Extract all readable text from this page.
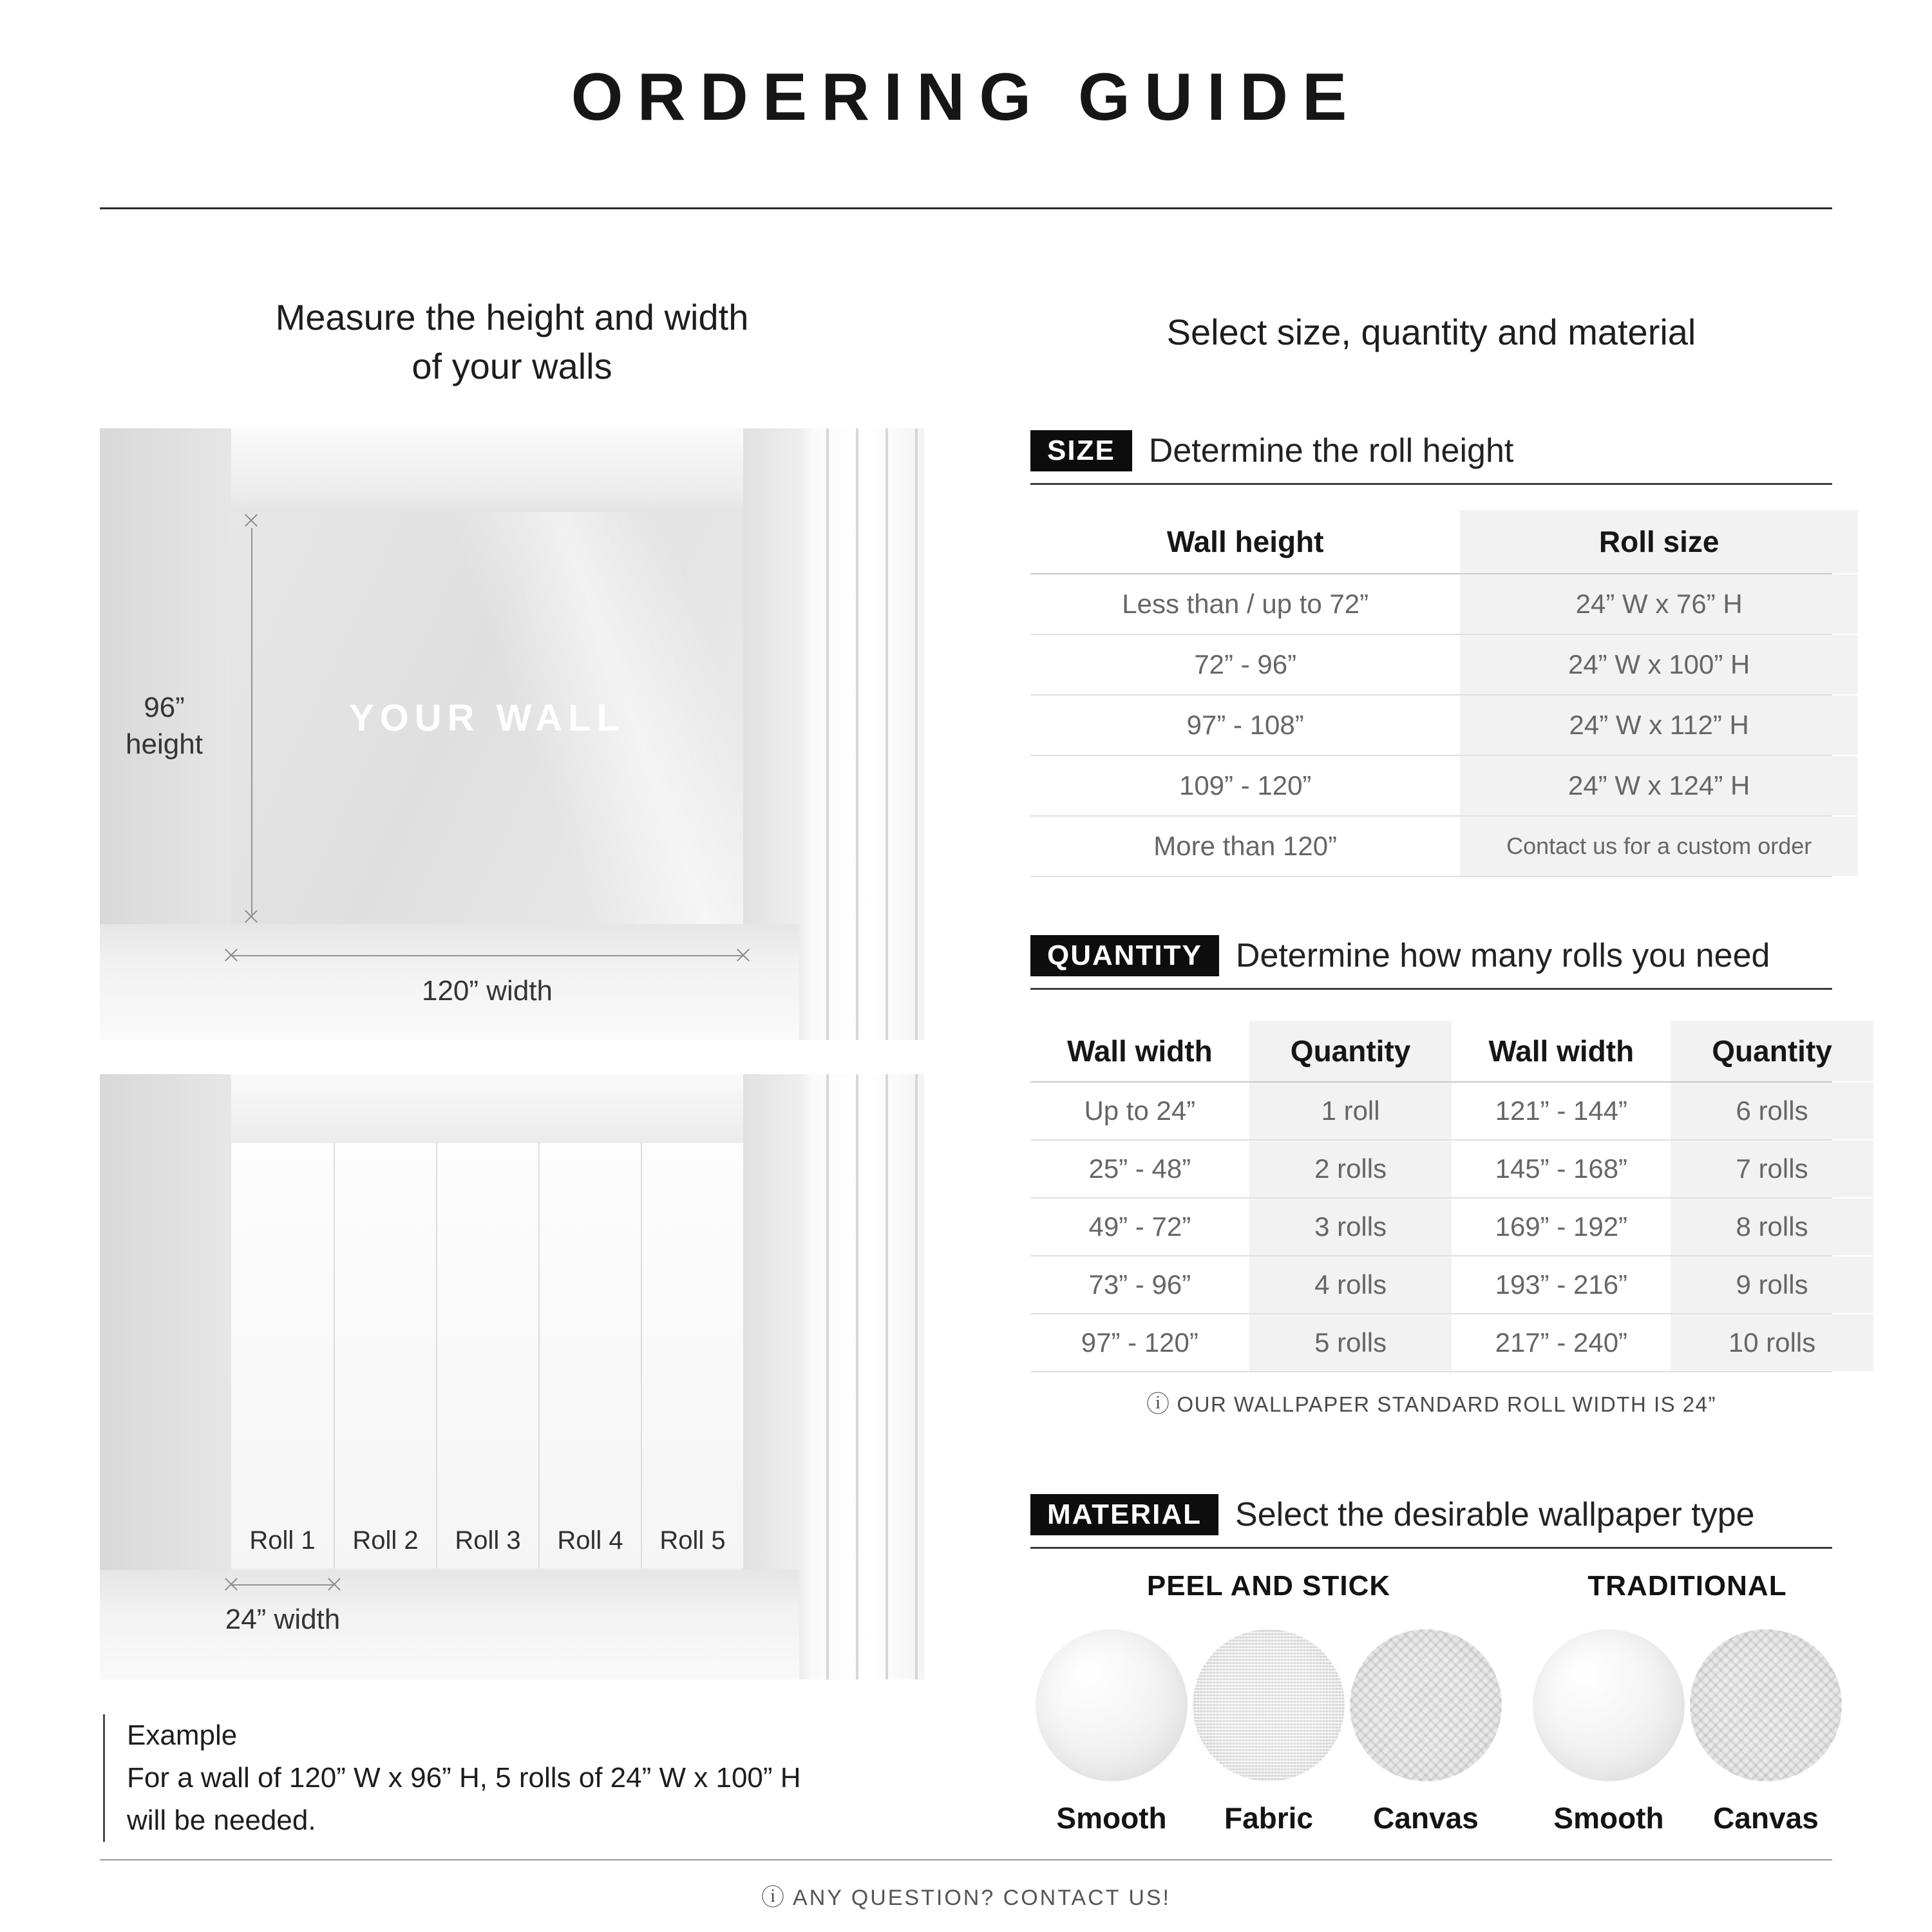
ORDERING GUIDE
Measure the height and width
of your walls
Select size, quantity and material
YOUR WALL
96”
height
120” width
Roll 1	Roll 2	Roll 3	Roll 4	Roll 5
24” width
Example
For a wall of 120” W x 96” H, 5 rolls of 24” W x 100” H
will be needed.
SIZE	Determine the roll height
Wall height	Roll size
Less than / up to 72”	24” W x 76” H
72” - 96”	24” W x 100” H
97” - 108”	24” W x 112” H
109” - 120”	24” W x 124” H
More than 120”	Contact us for a custom order
QUANTITY	Determine how many rolls you need
Wall width	Quantity	Wall width	Quantity
Up to 24”	1 roll	121” - 144”	6 rolls
25” - 48”	2 rolls	145” - 168”	7 rolls
49” - 72”	3 rolls	169” - 192”	8 rolls
73” - 96”	4 rolls	193” - 216”	9 rolls
97” - 120”	5 rolls	217” - 240”	10 rolls
ⓘ OUR WALLPAPER STANDARD ROLL WIDTH IS 24”
MATERIAL	Select the desirable wallpaper type
PEEL AND STICK
Smooth Fabric Canvas
TRADITIONAL
Smooth Canvas
ⓘ ANY QUESTION? CONTACT US!
